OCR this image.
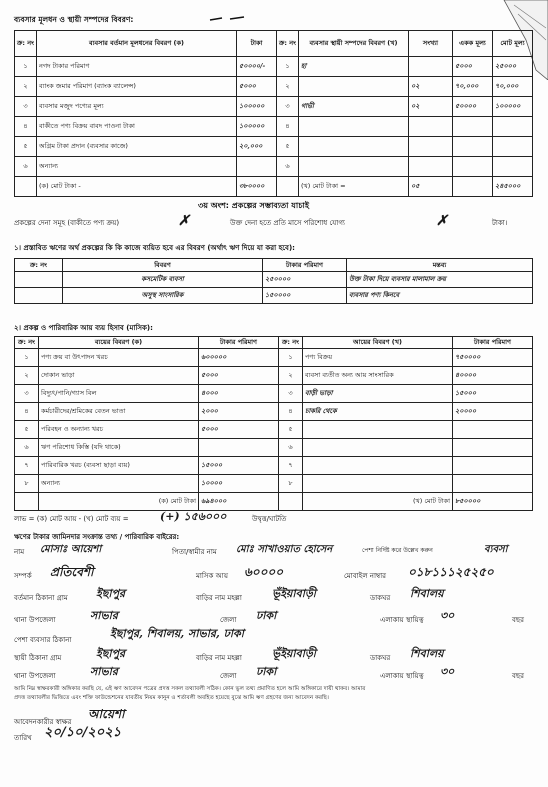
ব্যবসার মূলধন ও স্থায়ী সম্পদের বিবরণ:
ক্র: নং	ব্যবসার বর্তমান মূলধনের বিবরণ (ক)	টাকা	ক্র: নং	ব্যবসার স্থায়ী সম্পদের বিবরণ (খ)	সংখ্যা	একক মূল্য	মোট মূল্য
১	নগদ টাকার পরিমাণ	৫০০০০/-	১	হা		৫০০০	২৫০০০
২	ব্যাংক জমার পরিমাণ (ব্যাংক ব্যালেন্স)	৫০০০	২		০২	৭০,০০০	৭০,০০০
৩	ব্যবসার মজুদ পণ্যের মূল্য	১০০০০০	৩	গাভী	০২	৫০০০০	১০০০০০
৪	বাকীতে পণ্য বিক্রয় বাবদ পাওনা টাকা	১০০০০০	৪				
৫	অগ্রিম টাকা প্রদান (ব্যবসার কাজে)	২০,০০০	৫				
৬	অন্যান্য		৬				
	(ক) মোট টাকা -	৩৮০০০০		(খ) মোট টাকা =	০৫		২৪৫০০০
৩য় অংশ: প্রকল্পের সম্ভাব্যতা যাচাই
প্রকল্পের দেনা সমূহ (বাকীতে পণ্য ক্রয়)	✗	উক্ত দেনা হতে প্রতি মাসে পরিশোধ যোগ্য	✗	টাকা।
১। প্রস্তাবিত ঋণের অর্থ প্রকল্পের কি কি কাজে ব্যয়িত হবে এর বিবরণ (অর্থাৎ ঋণ দিয়ে যা করা হবে):
ক্র: নং	বিবরণ	টাকার পরিমাণ	মন্তব্য
	কসমেটিক ব্যবসা	২৫০০০০	উক্ত টাকা দিয়ে ব্যবসার মালামাল ক্রয়
	অসুস্থ সাংসারিক	১৫০০০০	ব্যবসার পণ্য কিনবে
২। প্রকল্প ও পারিবারিক আয় ব্যয় হিসাব (মাসিক):
ক্র: নং	ব্যয়ের বিবরণ (ক)	টাকার পরিমাণ	ক্র: নং	আয়ের বিবরণ (খ)	টাকার পরিমাণ
১	পণ্য ক্রয় বা উৎপাদন খরচ	৬০০০০০	১	পণ্য বিক্রয়	৭৫০০০০
২	দোকান ভাড়া	৫০০০	২	ব্যবসা ব্যতীত অন্য আয় সাংসারিক	৪০০০০
৩	বিদ্যুৎ/পানি/গ্যাস বিল	৪০০০	৩	বাড়ী ভাড়া	১৫০০০
৪	কর্মচারীদের/শ্রমিকের বেতন ভাতা	২০০০	৪	চাকরি থেকে	২০০০০
৫	পরিবহন ও অন্যান্য খরচ	৫০০০	৫		
৬	ঋণ পরিশোধ কিস্তি (যদি থাকে)		৬		
৭	পারিবারিক খরচ (ব্যবসা ছাড়া ব্যয়)	১৫০০০	৭		
৮	অন্যান্য	১০০০০	৮		
	(ক) মোট টাকা	৬৯৪০০০		(খ) মোট টাকা	৮৫০০০০
লাভ = (ক) মোট আয় - (খ) মোট ব্যয় =	(+) ১৫৬০০০	উদ্বৃত্ত/ঘাটতি
ঋণের টাকার জামিনদার সংক্রান্ত তথ্য / পারিবারিক বাইরের:
নাম মোসাঃ আয়েশা	পিতা/স্বামীর নাম মোঃ সাখাওয়াত হোসেন	পেশা নির্দিষ্ট করে উল্লেখ করুন	ব্যবসা
সম্পর্ক প্রতিবেশী	মাসিক আয় ৬০০০০	মোবাইল নাম্বার ০১৮১১১২৫২৫০
বর্তমান ঠিকানা গ্রাম	ইছাপুর	বাড়ির নাম মহল্লা	ভূঁইয়াবাড়ী	ডাকঘর শিবালয়
থানা উপজেলা	সাভার	জেলা ঢাকা	এলাকায় স্থায়িত্ব ৩০	বছর
পেশা ব্যবসার ঠিকানা	ইছাপুর, শিবালয়, সাভার, ঢাকা
স্থায়ী ঠিকানা গ্রাম	ইছাপুর	বাড়ির নাম মহল্লা	ভূঁইয়াবাড়ী	ডাকঘর শিবালয়
থানা উপজেলা	সাভার	জেলা ঢাকা	এলাকায় স্থায়িত্ব ৩০	বছর
আমি নিম্ন স্বাক্ষরকারী অঙ্গিকার করছি যে, এই ঋণ আবেদন পত্রের প্রদত্ত সকল তথ্যাবলী সঠিক। কোন ভুল তথ্য প্রমাণিত হলে আমি অঙ্গিকারে দায়ী থাকব। আমার
প্রদত্ত তথ্যাবলীর ভিত্তিতে এবং শক্তি ফাউন্ডেশনের যাবতীয় নিয়ম কানুন ও শর্তাবলী অবহিত হয়েছে বুঝে আমি ঋণ গ্রহণের জন্য আবেদন করছি।
আবেদনকারীর স্বাক্ষর
আয়েশা
তারিখ ২০/১০/২০২১
